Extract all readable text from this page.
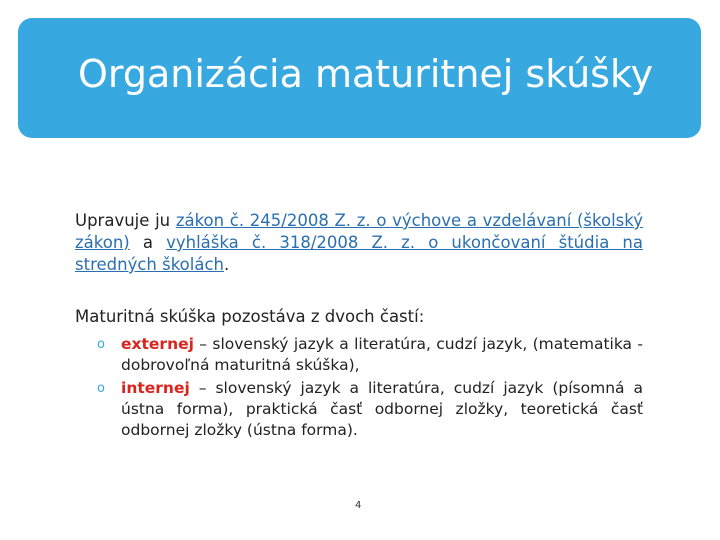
Organizácia maturitnej skúšky

Upravuje ju zákon č. 245/2008 Z. z. o výchove a vzdelávaní (školský zákon) a vyhláška č. 318/2008 Z. z. o ukončovaní štúdia na stredných školách.

Maturitná skúška pozostáva z dvoch častí:

o externej – slovenský jazyk a literatúra, cudzí jazyk, (matematika - dobrovoľná maturitná skúška),
o internej – slovenský jazyk a literatúra, cudzí jazyk (písomná a ústna forma), praktická časť odbornej zložky, teoretická časť odbornej zložky (ústna forma).
4
